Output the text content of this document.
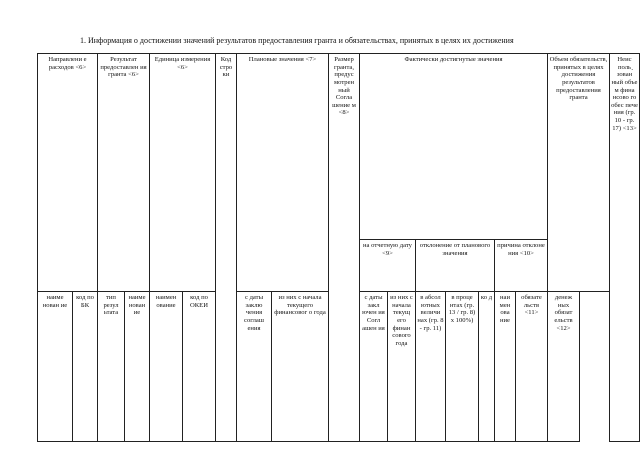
1. Информация о достижении значений результатов предоставления гранта и обязательствах, принятых в целях их достижения
Направлени е расходов <6>		Результат предоставлен ия гранта <6>		Единица измерения <6>		Код стро ки	Плановые значения <7>		Размер гранта, предус мотрен ный Согла шение м <8>	Фактически достигнутые значения							Объем обязательств, принятых в целях достижения результатов предоставления гранта	Неис поль зован ный объе м фина нсово го обес пече ния (гр. 10 - гр. 17) <13>
										на отчетную дату <9>		отклонение от планового значения			причина отклоне ния <10>			
наиме нован ие	код по БК	тип резул ьтата	наиме нован ие	наимен ование	код по ОКЕИ		с даты заклю чения соглаш ения	из них с начала текущего финансовог о года		с даты закл ючен ия Согл ашен ия	из них с начала текущ его финан сового года	в абсол ютных величи нах (гр. 8 - гр. 11)	в проце нтах (гр. 13 / гр. 8) х 100%)	ко д	наи мен ова ние	обязате льств <11>	денеж ных обязат ельств <12>	
·
